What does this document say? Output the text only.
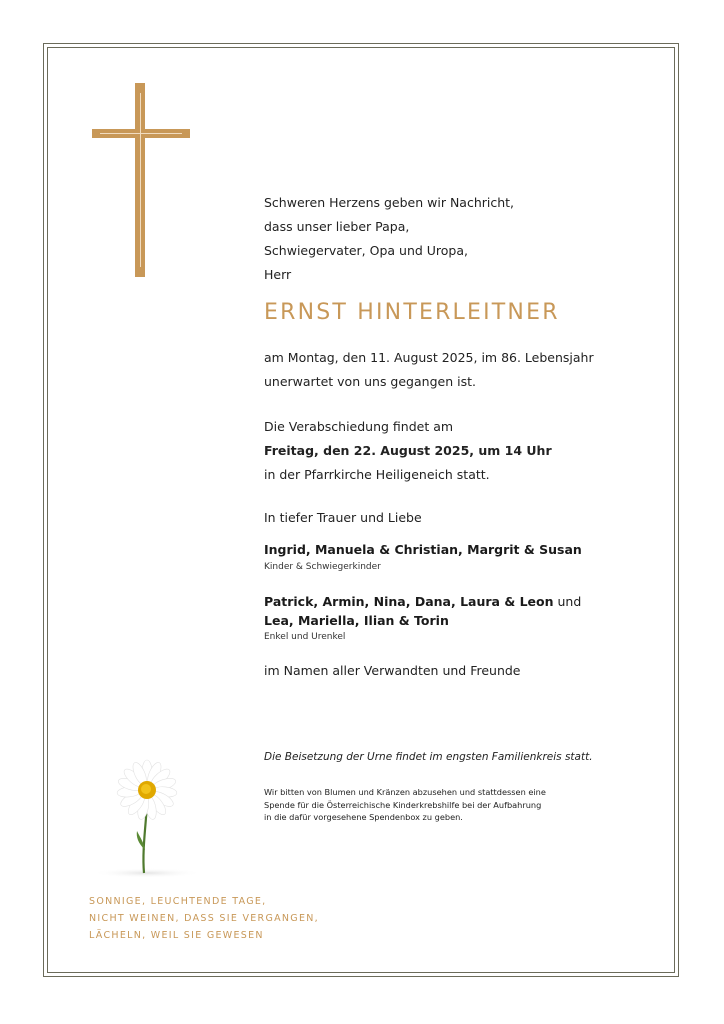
Schweren Herzens geben wir Nachricht,
dass unser lieber Papa,
Schwiegervater, Opa und Uropa,
Herr
ERNST HINTERLEITNER
am Montag, den 11. August 2025, im 86. Lebensjahr
unerwartet von uns gegangen ist.
Die Verabschiedung findet am
Freitag, den 22. August 2025, um 14 Uhr
in der Pfarrkirche Heiligeneich statt.
In tiefer Trauer und Liebe
Ingrid, Manuela & Christian, Margrit & Susan
Kinder & Schwiegerkinder
Patrick, Armin, Nina, Dana, Laura & Leon und
Lea, Mariella, Ilian & Torin
Enkel und Urenkel
im Namen aller Verwandten und Freunde
Die Beisetzung der Urne findet im engsten Familienkreis statt.
Wir bitten von Blumen und Kränzen abzusehen und stattdessen eine
Spende für die Österreichische Kinderkrebshilfe bei der Aufbahrung
in die dafür vorgesehene Spendenbox zu geben.
SONNIGE, LEUCHTENDE TAGE,
NICHT WEINEN, DASS SIE VERGANGEN,
LÄCHELN, WEIL SIE GEWESEN
